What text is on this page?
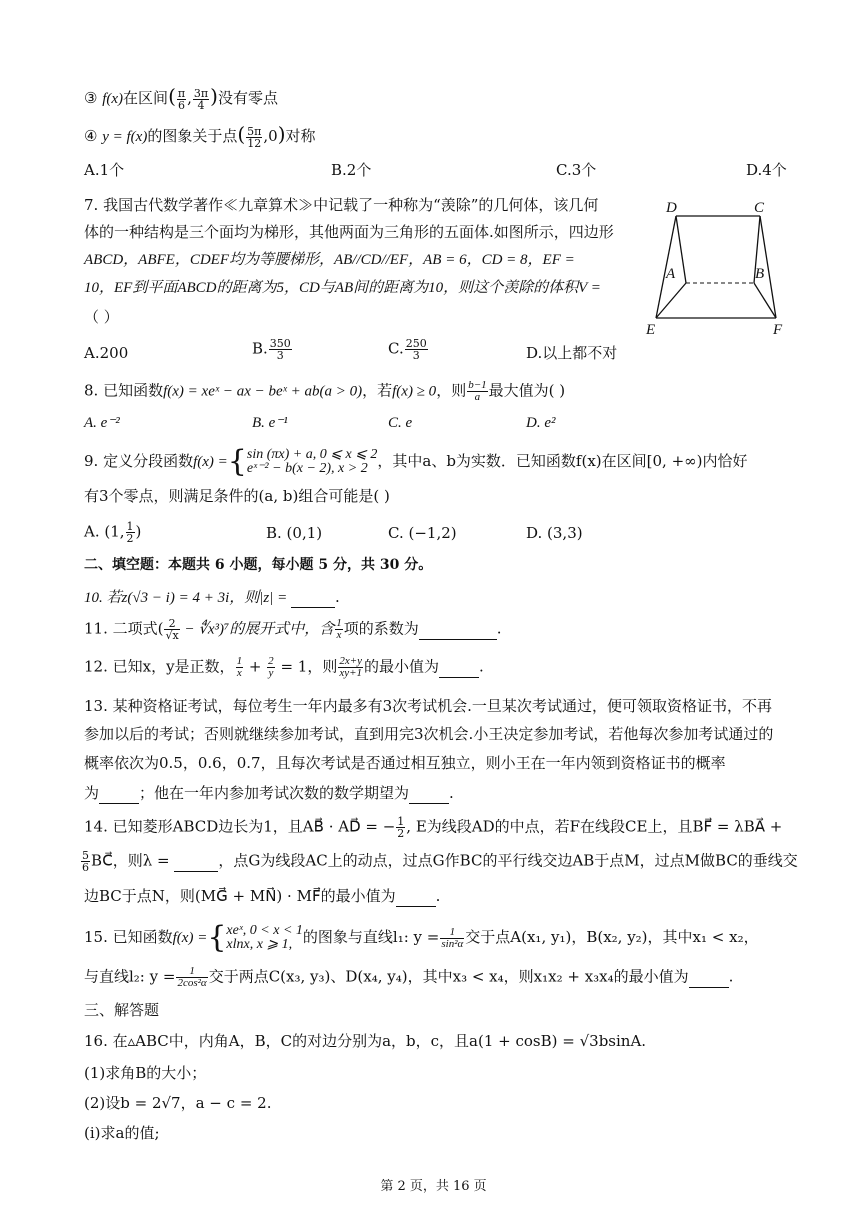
③ f(x)在区间( $\frac{\pi}{6}$ , $\frac{3\pi}{4}$ )没有零点
④ y = f(x)的图象关于点( $\frac{5\pi}{12} ,0$)对称
A.1个	B.2个	C.3个	D.4个
7. 我国古代数学著作≪九章算术≫中记载了一种称为“羡除”的几何体，该几何
体的一种结构是三个面均为梯形，其他两面为三角形的五面体.如图所示，四边形
ABCD，ABFE，CDEF均为等腰梯形，AB//CD//EF，AB = 6，CD = 8，EF =
10，EF到平面ABCD的距离为5，CD与AB间的距离为10，则这个羡除的体积V =
（ ）
D	C
A	B
E	F
A.200	B. $\frac{350}{3}$	C. $\frac{250}{3}$	D.以上都不对
8. 已知函数f(x) = xeˣ − ax − beˣ + ab(a > 0)，若f(x) ≥ 0，则 $\frac{b-1}{a}$ 最大值为( )
A. e⁻²	B. e⁻¹	C. e	D. e²
9. 定义分段函数f(x) ={ sin (πx) + a, 0 ⩽ x ⩽ 2
eˣ⁻² − b(x − 2), x > 2 ，其中a、b为实数．已知函数f(x)在区间[0, +∞)内恰好
有3个零点，则满足条件的(a, b)组合可能是( )
A. (1, $\frac{1}{2}$ )	B. (0,1)	C. (−1,2)	D. (3,3)
二、填空题：本题共 6 小题，每小题 5 分，共 30 分。
10. 若z(√3 − i) = 4 + 3i，则|z| =	.
11. 二项式( $\frac{2}{√x}$ − ∜x³)⁷的展开式中，含 $\frac{1}{x}$ 项的系数为	.
12. 已知x，y是正数， $\frac{1}{x} + \frac{2}{y} = 1$，则 $\frac{2x+y}{xy+1}$ 的最小值为	.
13. 某种资格证考试，每位考生一年内最多有3次考试机会.一旦某次考试通过，便可领取资格证书，不再
参加以后的考试；否则就继续参加考试，直到用完3次机会.小王决定参加考试，若他每次参加考试通过的
概率依次为0.5，0.6，0.7，且每次考试是否通过相互独立，则小王在一年内领到资格证书的概率
为	；他在一年内参加考试次数的数学期望为	.
14. 已知菱形ABCD边长为1，且AB⃗ · AD⃗ = − $\frac{1}{2}$ , E为线段AD的中点，若F在线段CE上，且BF⃗ = λBA⃗ +
$\frac{5}{6}$ BC⃗，则λ =	，点G为线段AC上的动点，过点G作BC的平行线交边AB于点M，过点M做BC的垂线交
边BC于点N，则(MG⃗ + MN⃗) · MF⃗的最小值为	.
15. 已知函数f(x) ={ xeˣ, 0 < x < 1
xlnx, x ⩾ 1, 的图象与直线l₁: $y = \frac{1}{\text{sin²α}}$ 交于点A(x₁, y₁)，B(x₂, y₂)，其中x₁ < x₂，
与直线l₂: $y = \frac{1}{\text{2cos²α}}$ 交于两点C(x₃, y₃)、D(x₄, y₄)，其中x₃ < x₄，则x₁x₂ + x₃x₄的最小值为	.
三、解答题
16. 在▵ABC中，内角A，B，C的对边分别为a，b，c，且a(1 + cosB) = √3bsinA.
(1)求角B的大小；
(2)设b = 2√7，a − c = 2.
(ⅰ)求a的值;
第 2 页，共 16 页
